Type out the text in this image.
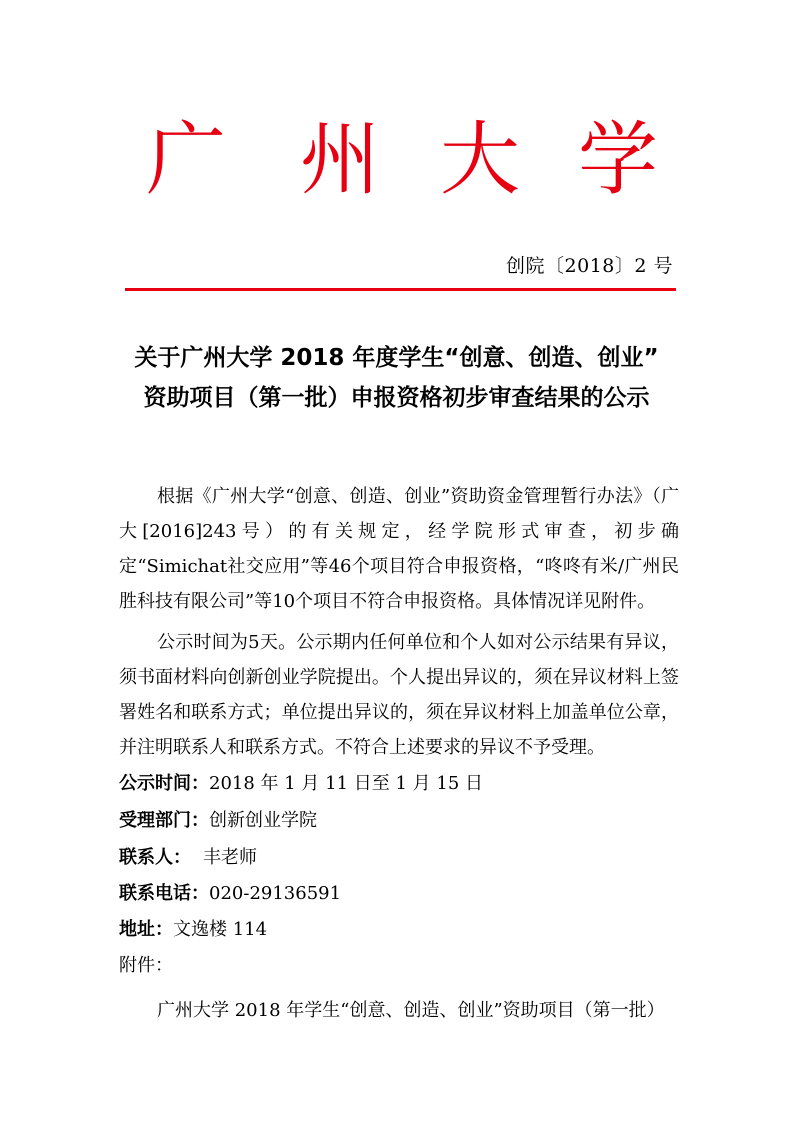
广 州 大 学
创院〔2018〕2 号
关于广州大学 2018 年度学生“创意、创造、创业”
资助项目（第一批）申报资格初步审查结果的公示
根据《广州大学“创意、创造、创业”资助资金管理暂行办法》（广大[2016]243号）的有关规定，经学院形式审查，初步确定“Simichat社交应用”等46个项目符合申报资格，“咚咚有米/广州民胜科技有限公司”等10个项目不符合申报资格。具体情况详见附件。
公示时间为5天。公示期内任何单位和个人如对公示结果有异议，须书面材料向创新创业学院提出。个人提出异议的，须在异议材料上签署姓名和联系方式；单位提出异议的，须在异议材料上加盖单位公章，并注明联系人和联系方式。不符合上述要求的异议不予受理。
公示时间：2018 年 1 月 11 日至 1 月 15 日
受理部门：创新创业学院
联系人： 丰老师
联系电话：020-29136591
地址：文逸楼 114
附件：
广州大学 2018 年学生“创意、创造、创业”资助项目（第一批）
